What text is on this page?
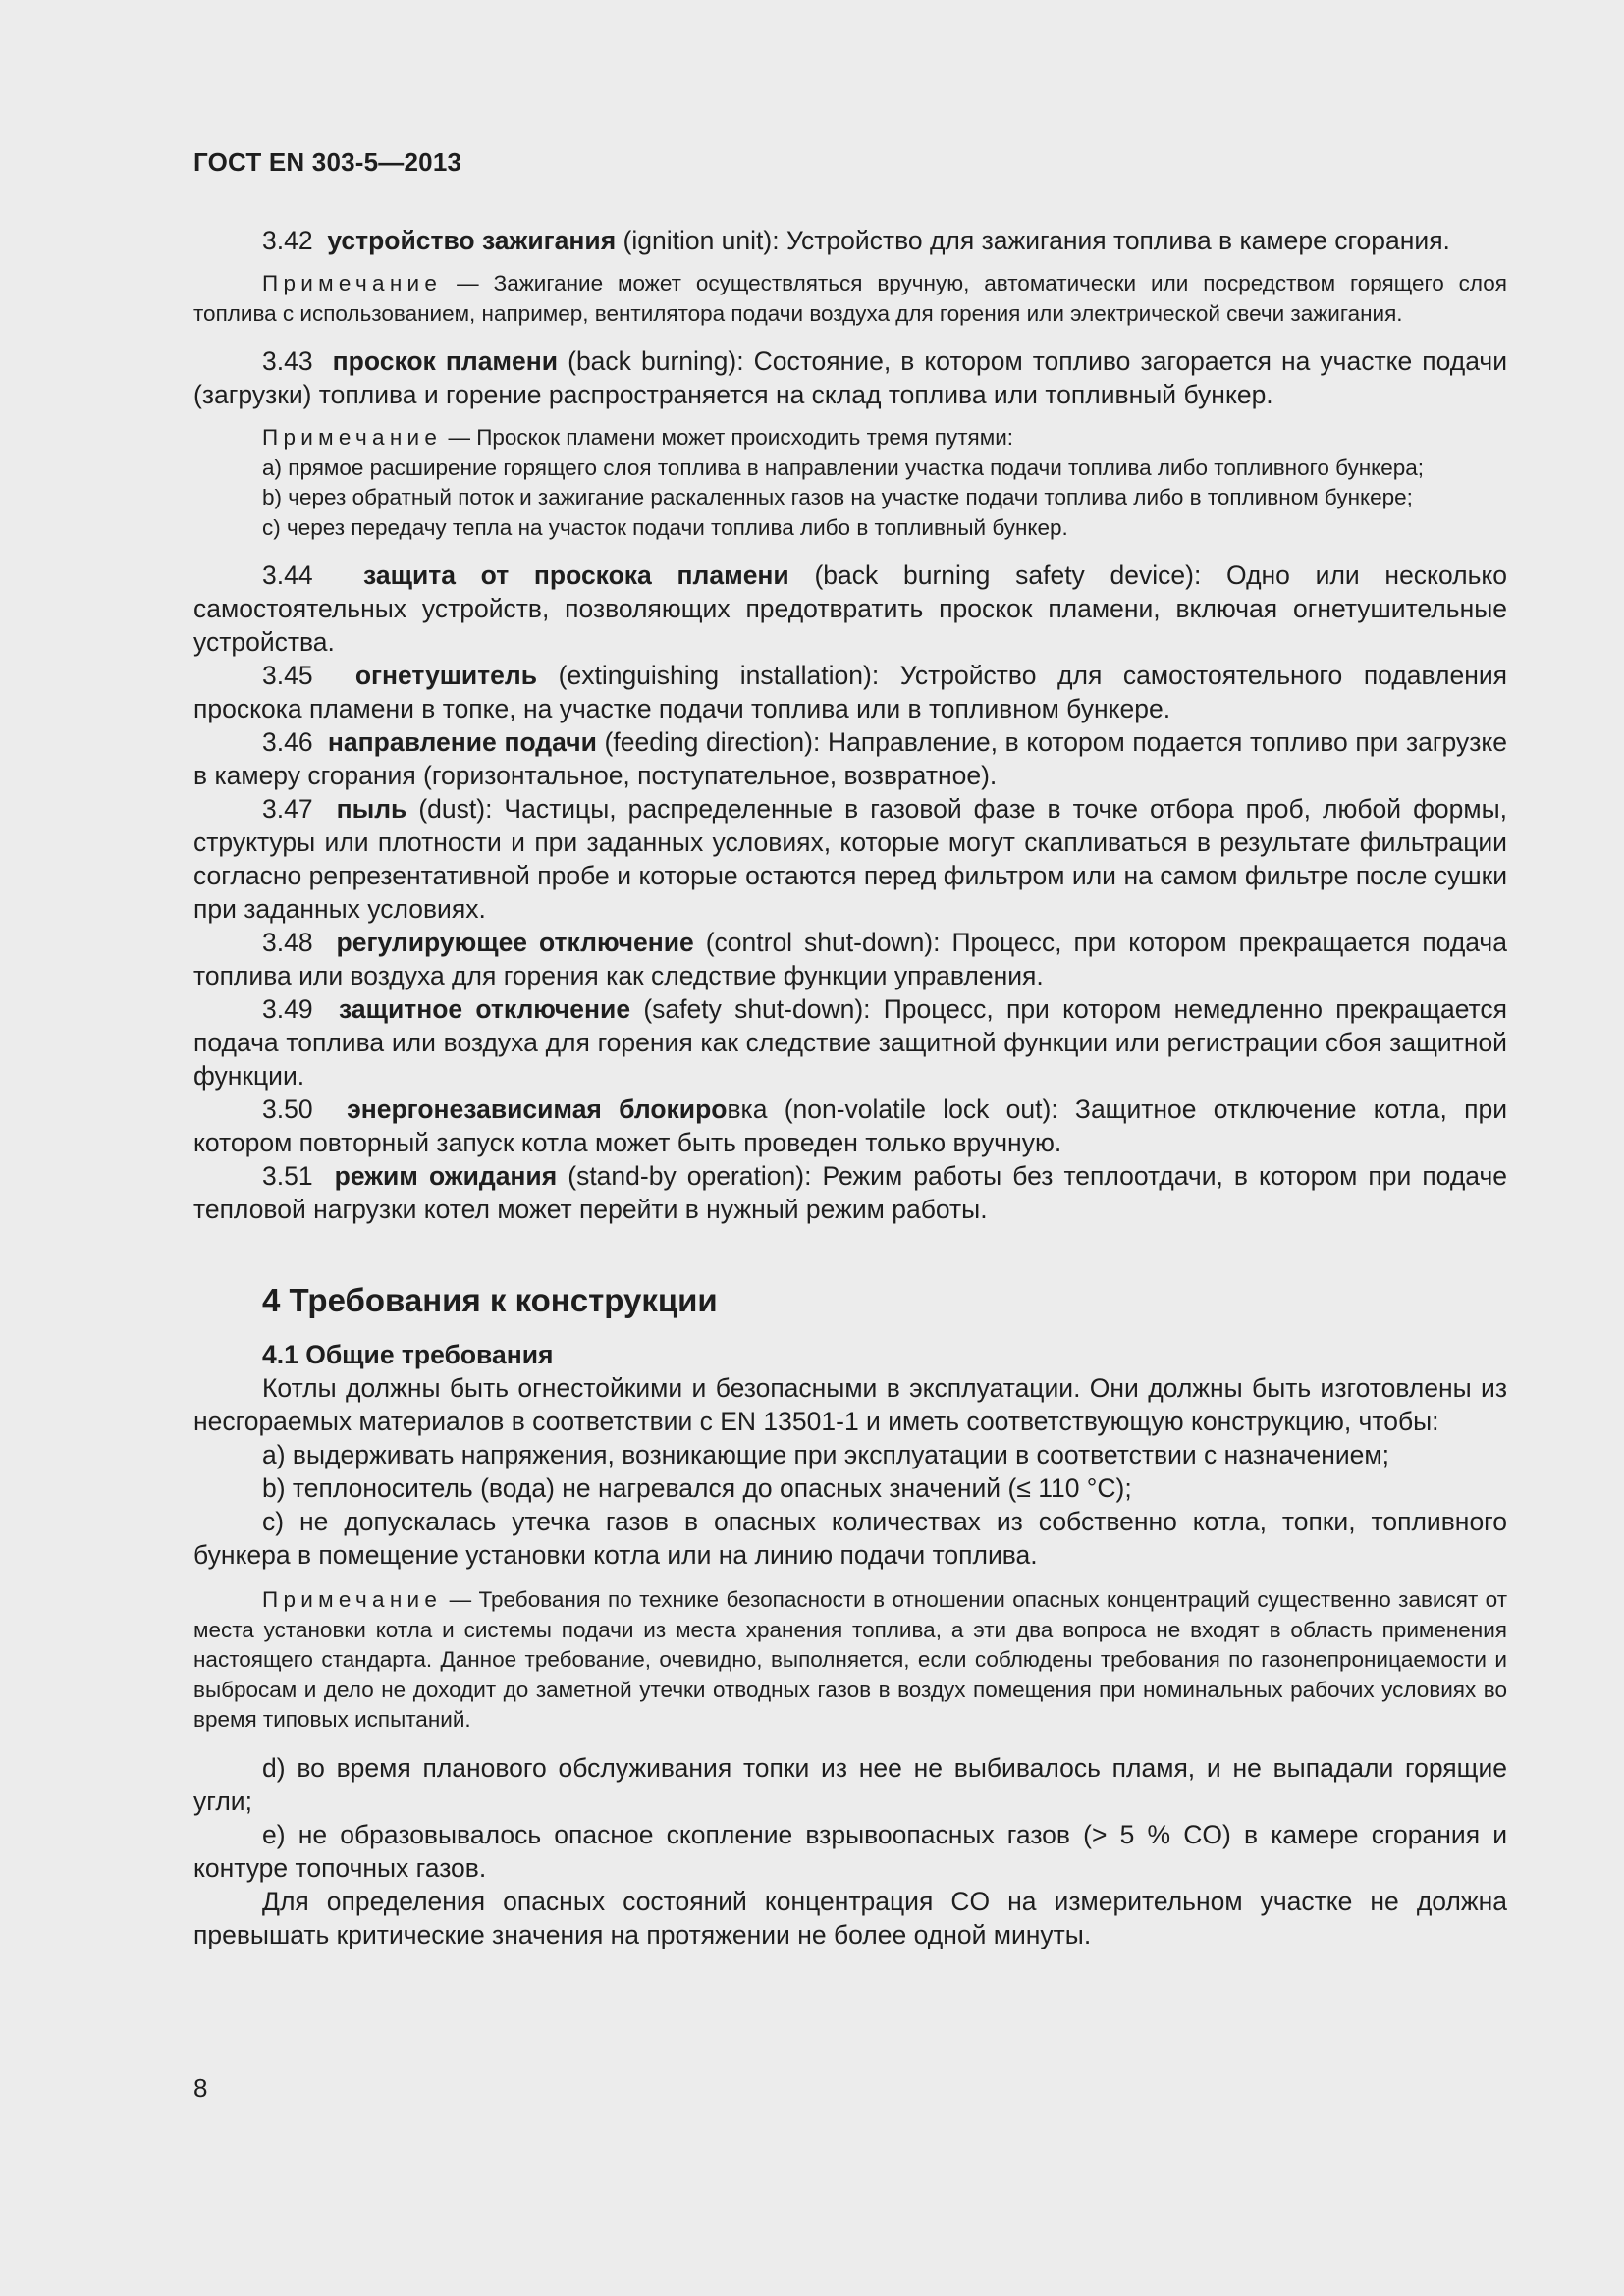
ГОСТ EN 303-5—2013

3.42 устройство зажигания (ignition unit): Устройство для зажигания топлива в камере сгорания.

Примечание — Зажигание может осуществляться вручную, автоматически или посредством горящего слоя топлива с использованием, например, вентилятора подачи воздуха для горения или электрической свечи зажигания.

3.43 проскок пламени (back burning): Состояние, в котором топливо загорается на участке подачи (загрузки) топлива и горение распространяется на склад топлива или топливный бункер.

Примечание — Проскок пламени может происходить тремя путями:

a) прямое расширение горящего слоя топлива в направлении участка подачи топлива либо топливного бункера;

b) через обратный поток и зажигание раскаленных газов на участке подачи топлива либо в топливном бункере;

c) через передачу тепла на участок подачи топлива либо в топливный бункер.

3.44 защита от проскока пламени (back burning safety device): Одно или несколько самостоятельных устройств, позволяющих предотвратить проскок пламени, включая огнетушительные устройства.

3.45 огнетушитель (extinguishing installation): Устройство для самостоятельного подавления проскока пламени в топке, на участке подачи топлива или в топливном бункере.

3.46 направление подачи (feeding direction): Направление, в котором подается топливо при загрузке в камеру сгорания (горизонтальное, поступательное, возвратное).

3.47 пыль (dust): Частицы, распределенные в газовой фазе в точке отбора проб, любой формы, структуры или плотности и при заданных условиях, которые могут скапливаться в результате фильтрации согласно репрезентативной пробе и которые остаются перед фильтром или на самом фильтре после сушки при заданных условиях.

3.48 регулирующее отключение (control shut-down): Процесс, при котором прекращается подача топлива или воздуха для горения как следствие функции управления.

3.49 защитное отключение (safety shut-down): Процесс, при котором немедленно прекращается подача топлива или воздуха для горения как следствие защитной функции или регистрации сбоя защитной функции.

3.50 энергонезависимая блокировка (non-volatile lock out): Защитное отключение котла, при котором повторный запуск котла может быть проведен только вручную.

3.51 режим ожидания (stand-by operation): Режим работы без теплоотдачи, в котором при подаче тепловой нагрузки котел может перейти в нужный режим работы.

4 Требования к конструкции
4.1 Общие требования

Котлы должны быть огнестойкими и безопасными в эксплуатации. Они должны быть изготовлены из несгораемых материалов в соответствии с EN 13501-1 и иметь соответствующую конструкцию, чтобы:

a) выдерживать напряжения, возникающие при эксплуатации в соответствии с назначением;

b) теплоноситель (вода) не нагревался до опасных значений (≤ 110 °C);

c) не допускалась утечка газов в опасных количествах из собственно котла, топки, топливного бункера в помещение установки котла или на линию подачи топлива.

Примечание — Требования по технике безопасности в отношении опасных концентраций существенно зависят от места установки котла и системы подачи из места хранения топлива, а эти два вопроса не входят в область применения настоящего стандарта. Данное требование, очевидно, выполняется, если соблюдены требования по газонепроницаемости и выбросам и дело не доходит до заметной утечки отводных газов в воздух помещения при номинальных рабочих условиях во время типовых испытаний.

d) во время планового обслуживания топки из нее не выбивалось пламя, и не выпадали горящие угли;

e) не образовывалось опасное скопление взрывоопасных газов (> 5 % CO) в камере сгорания и контуре топочных газов.

Для определения опасных состояний концентрация CO на измерительном участке не должна превышать критические значения на протяжении не более одной минуты.

8
